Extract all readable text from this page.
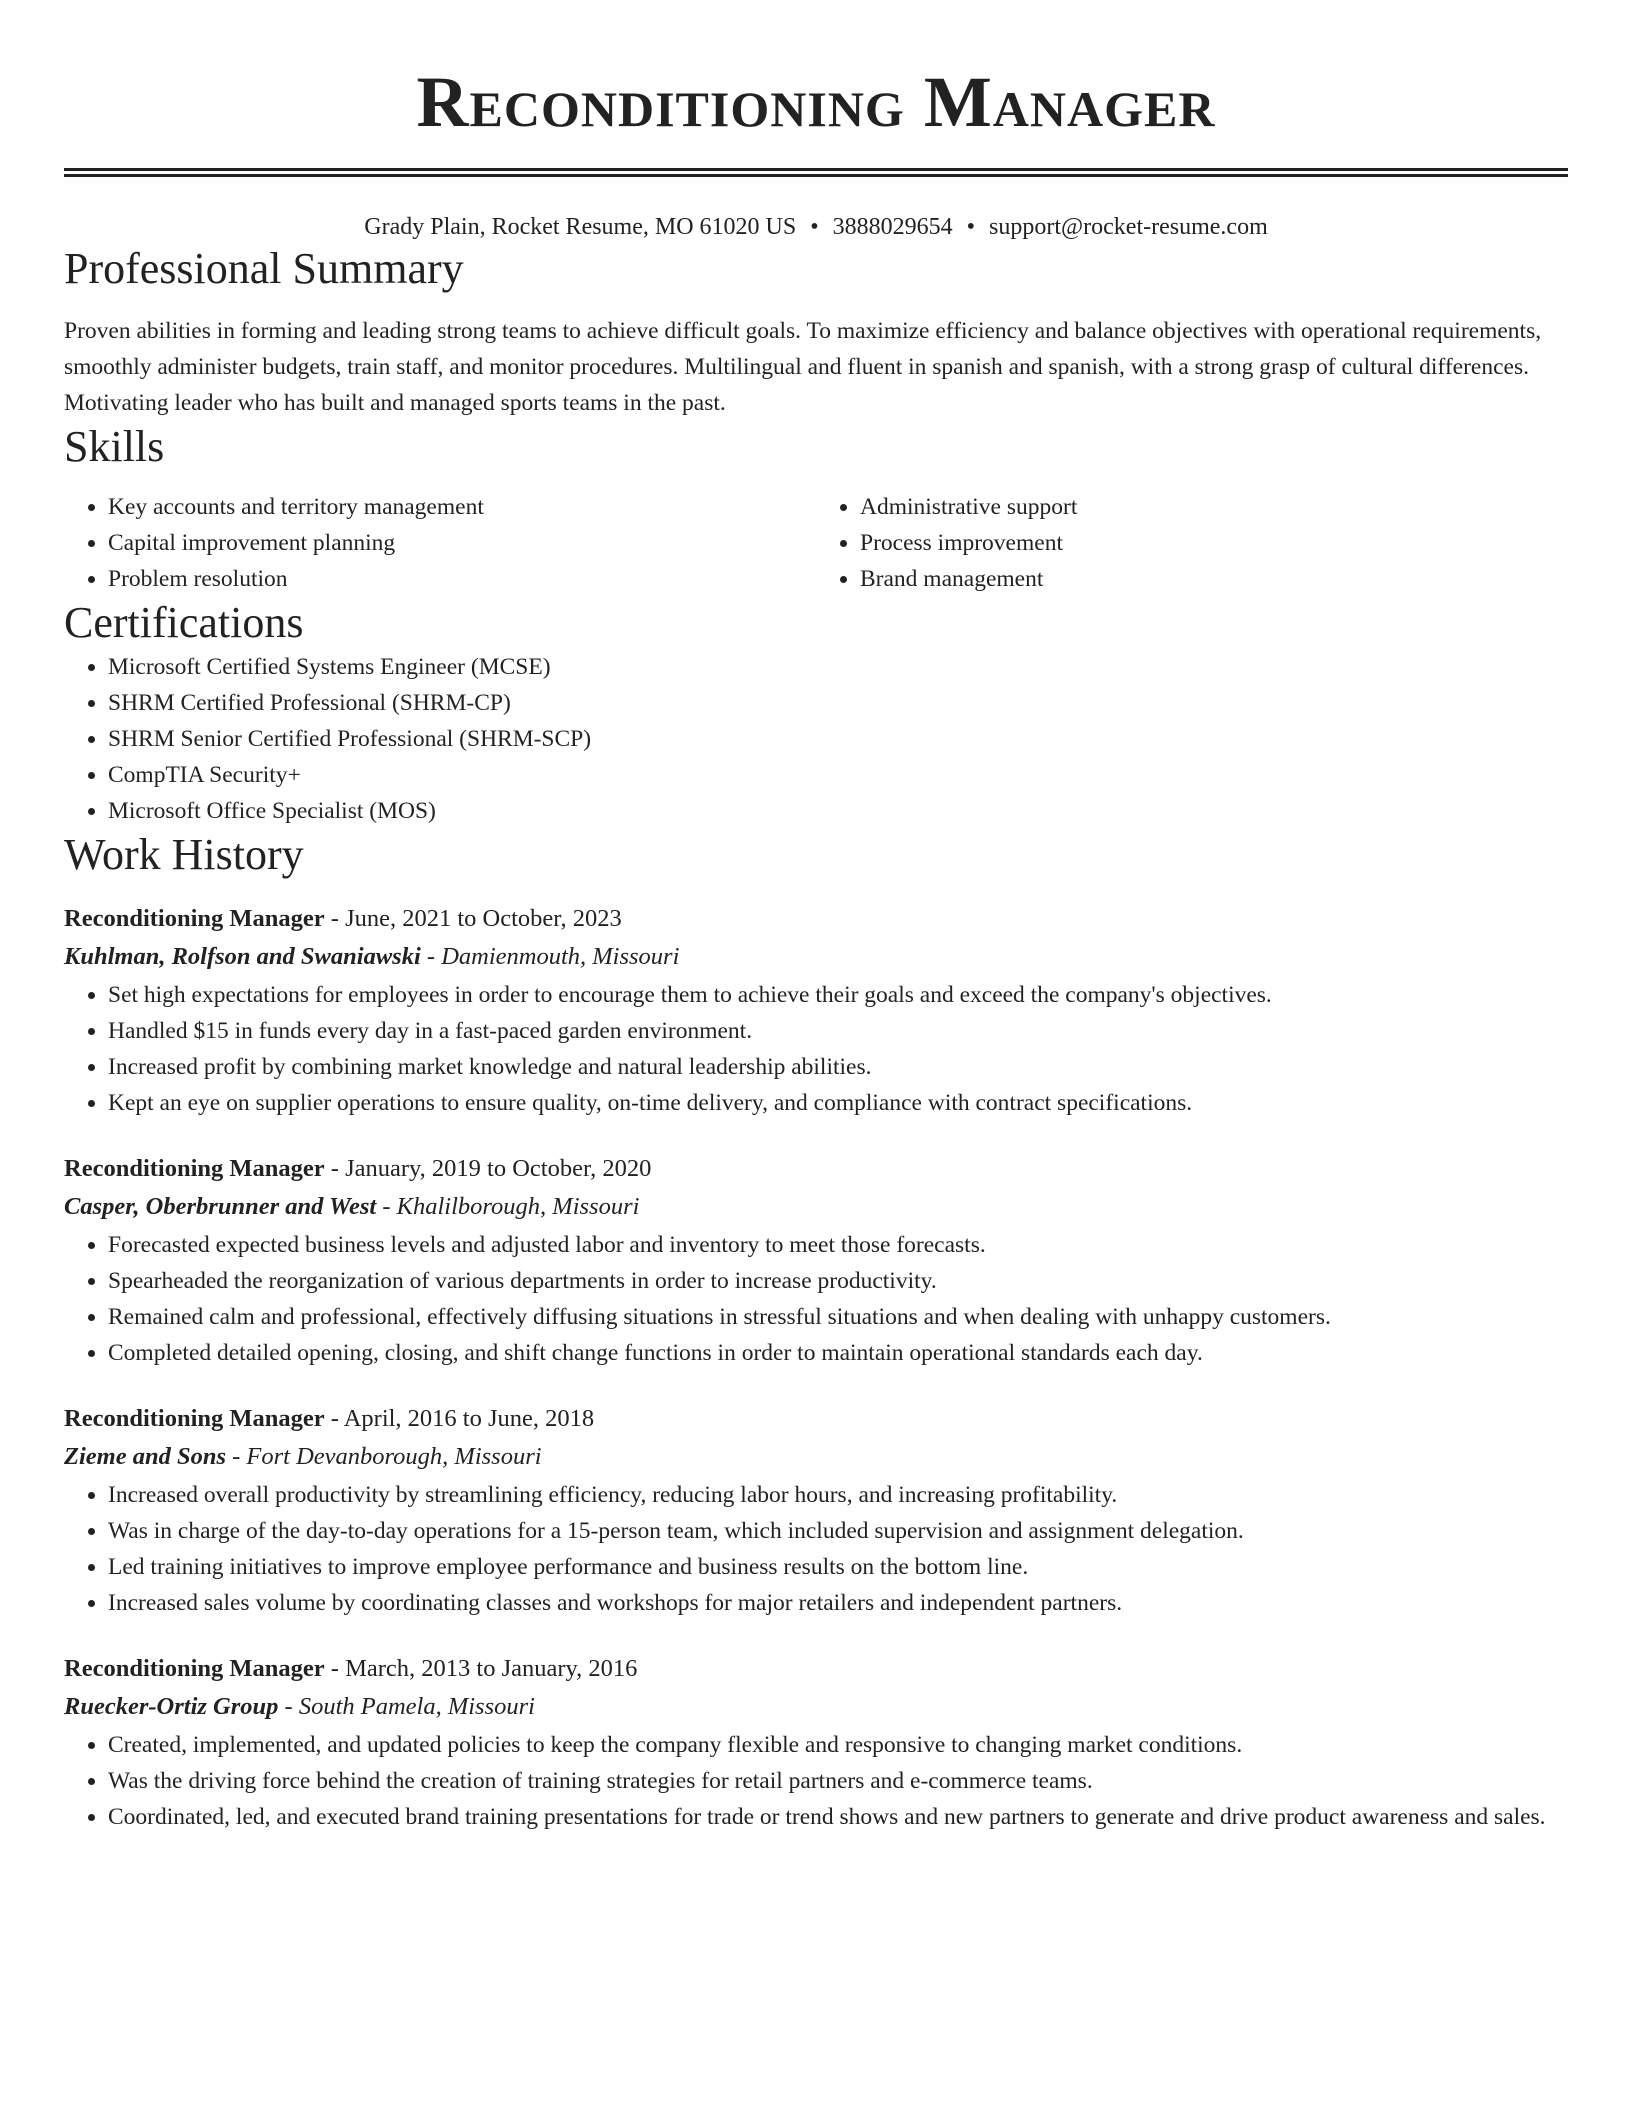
Reconditioning Manager
Grady Plain, Rocket Resume, MO 61020 US • 3888029654 • support@rocket-resume.com
Professional Summary

Proven abilities in forming and leading strong teams to achieve difficult goals. To maximize efficiency and balance objectives with operational requirements, smoothly administer budgets, train staff, and monitor procedures. Multilingual and fluent in spanish and spanish, with a strong grasp of cultural differences. Motivating leader who has built and managed sports teams in the past.

Skills
• Key accounts and territory management
• Capital improvement planning
• Problem resolution
• Administrative support
• Process improvement
• Brand management
Certifications
• Microsoft Certified Systems Engineer (MCSE)
• SHRM Certified Professional (SHRM-CP)
• SHRM Senior Certified Professional (SHRM-SCP)
• CompTIA Security+
• Microsoft Office Specialist (MOS)
Work History
Reconditioning Manager - June, 2021 to October, 2023
Kuhlman, Rolfson and Swaniawski - Damienmouth, Missouri
• Set high expectations for employees in order to encourage them to achieve their goals and exceed the company's objectives.
• Handled $15 in funds every day in a fast-paced garden environment.
• Increased profit by combining market knowledge and natural leadership abilities.
• Kept an eye on supplier operations to ensure quality, on-time delivery, and compliance with contract specifications.
Reconditioning Manager - January, 2019 to October, 2020
Casper, Oberbrunner and West - Khalilborough, Missouri
• Forecasted expected business levels and adjusted labor and inventory to meet those forecasts.
• Spearheaded the reorganization of various departments in order to increase productivity.
• Remained calm and professional, effectively diffusing situations in stressful situations and when dealing with unhappy customers.
• Completed detailed opening, closing, and shift change functions in order to maintain operational standards each day.
Reconditioning Manager - April, 2016 to June, 2018
Zieme and Sons - Fort Devanborough, Missouri
• Increased overall productivity by streamlining efficiency, reducing labor hours, and increasing profitability.
• Was in charge of the day-to-day operations for a 15-person team, which included supervision and assignment delegation.
• Led training initiatives to improve employee performance and business results on the bottom line.
• Increased sales volume by coordinating classes and workshops for major retailers and independent partners.
Reconditioning Manager - March, 2013 to January, 2016
Ruecker-Ortiz Group - South Pamela, Missouri
• Created, implemented, and updated policies to keep the company flexible and responsive to changing market conditions.
• Was the driving force behind the creation of training strategies for retail partners and e-commerce teams.
• Coordinated, led, and executed brand training presentations for trade or trend shows and new partners to generate and drive product awareness and sales.
